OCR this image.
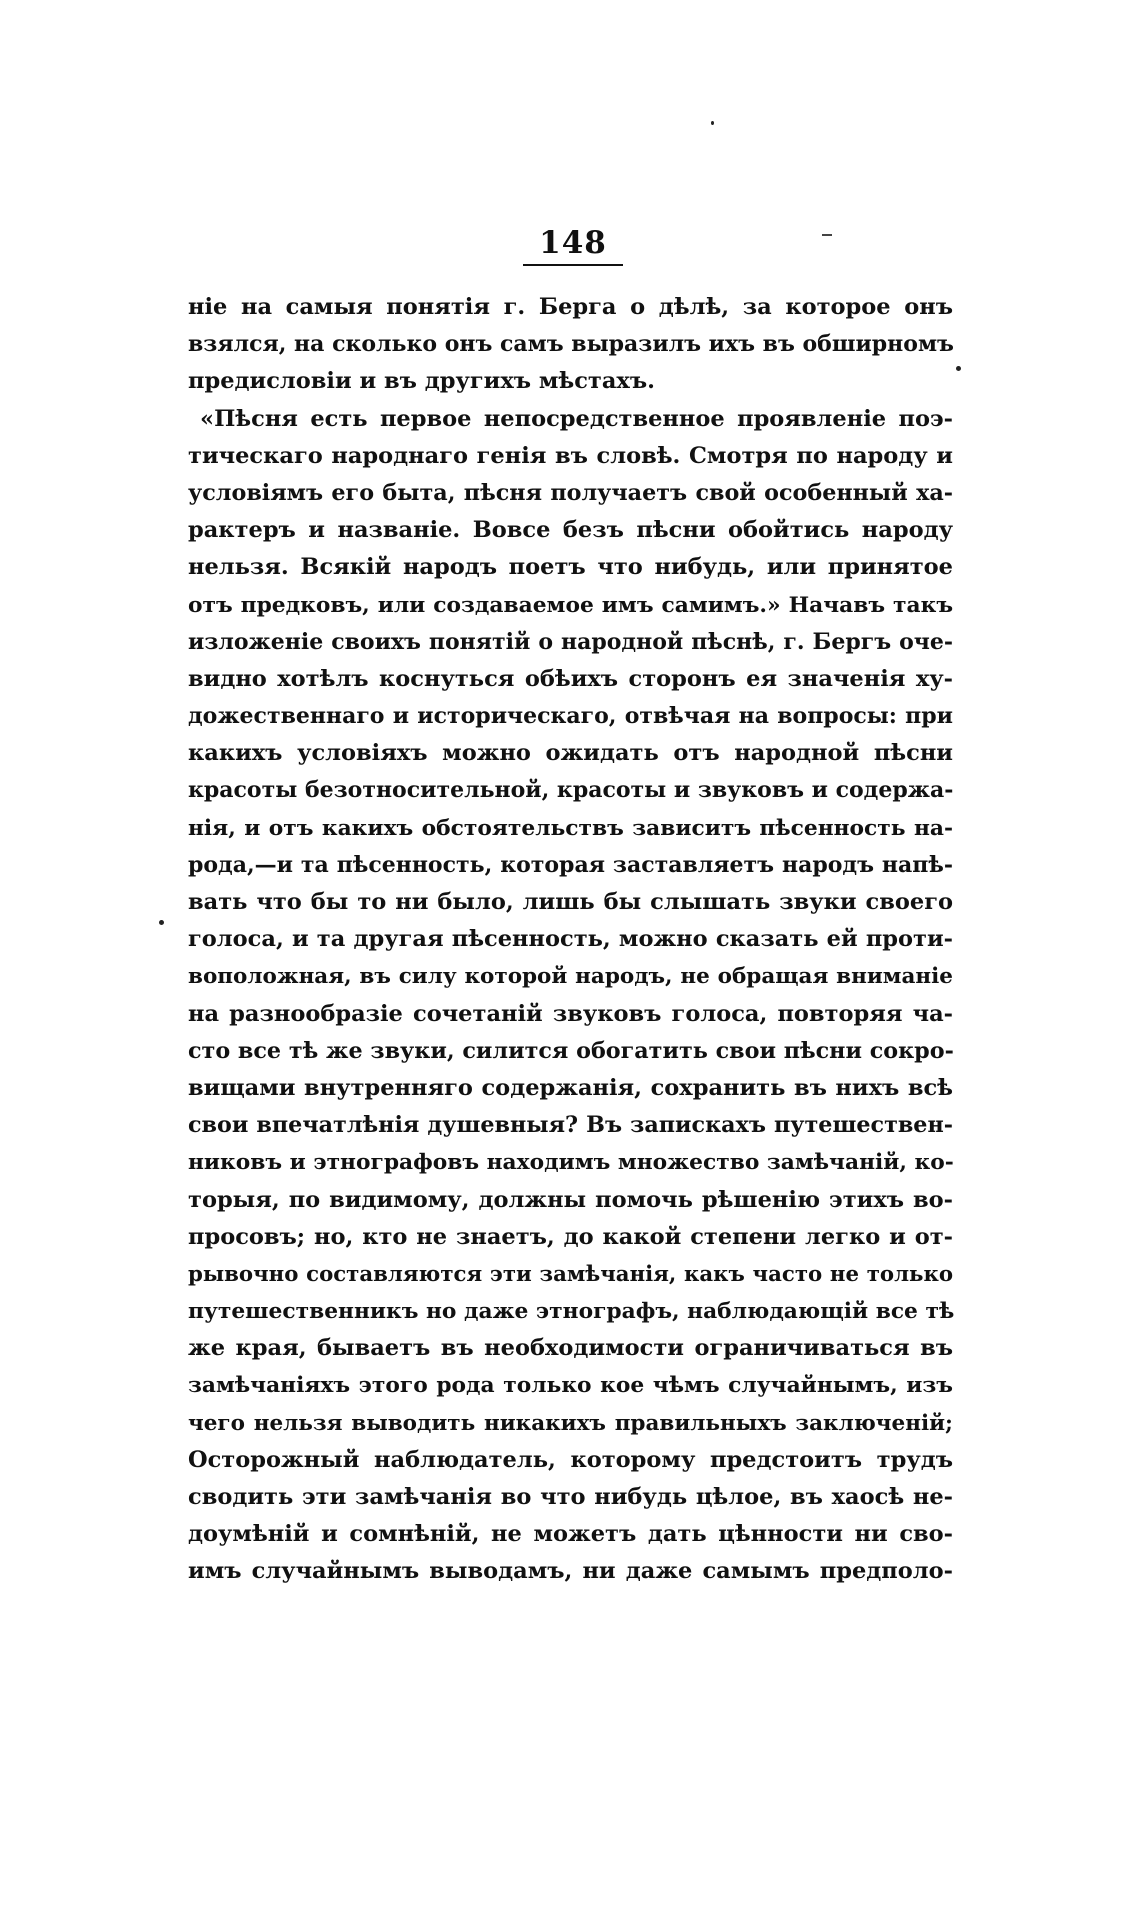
148
ніе на самыя понятія г. Берга о дѣлѣ, за которое онъ
взялся, на сколько онъ самъ выразилъ ихъ въ обширномъ
предисловіи и въ другихъ мѣстахъ.
«Пѣсня есть первое непосредственное проявленіе поэ-
тическаго народнаго генія въ словѣ. Смотря по народу и
условіямъ его быта, пѣсня получаетъ свой особенный ха-
рактеръ и названіе. Вовсе безъ пѣсни обойтись народу
нельзя. Всякій народъ поетъ что нибудь, или принятое
отъ предковъ, или создаваемое имъ самимъ.» Начавъ такъ
изложеніе своихъ понятій о народной пѣснѣ, г. Бергъ оче-
видно хотѣлъ коснуться обѣихъ сторонъ ея значенія ху-
дожественнаго и историческаго, отвѣчая на вопросы: при
какихъ условіяхъ можно ожидать отъ народной пѣсни
красоты безотносительной, красоты и звуковъ и содержа-
нія, и отъ какихъ обстоятельствъ зависитъ пѣсенность на-
рода,—и та пѣсенность, которая заставляетъ народъ напѣ-
вать что бы то ни было, лишь бы слышать звуки своего
голоса, и та другая пѣсенность, можно сказать ей проти-
воположная, въ силу которой народъ, не обращая вниманіе
на разнообразіе сочетаній звуковъ голоса, повторяя ча-
сто все тѣ же звуки, силится обогатить свои пѣсни сокро-
вищами внутренняго содержанія, сохранить въ нихъ всѣ
свои впечатлѣнія душевныя? Въ запискахъ путешествен-
никовъ и этнографовъ находимъ множество замѣчаній, ко-
торыя, по видимому, должны помочь рѣшенію этихъ во-
просовъ; но, кто не знаетъ, до какой степени легко и от-
рывочно составляются эти замѣчанія, какъ часто не только
путешественникъ но даже этнографъ, наблюдающій все тѣ
же края, бываетъ въ необходимости ограничиваться въ
замѣчаніяхъ этого рода только кое чѣмъ случайнымъ, изъ
чего нельзя выводить никакихъ правильныхъ заключеній;
Осторожный наблюдатель, которому предстоитъ трудъ
сводить эти замѣчанія во что нибудь цѣлое, въ хаосѣ не-
доумѣній и сомнѣній, не можетъ дать цѣнности ни сво-
имъ случайнымъ выводамъ, ни даже самымъ предполо-
